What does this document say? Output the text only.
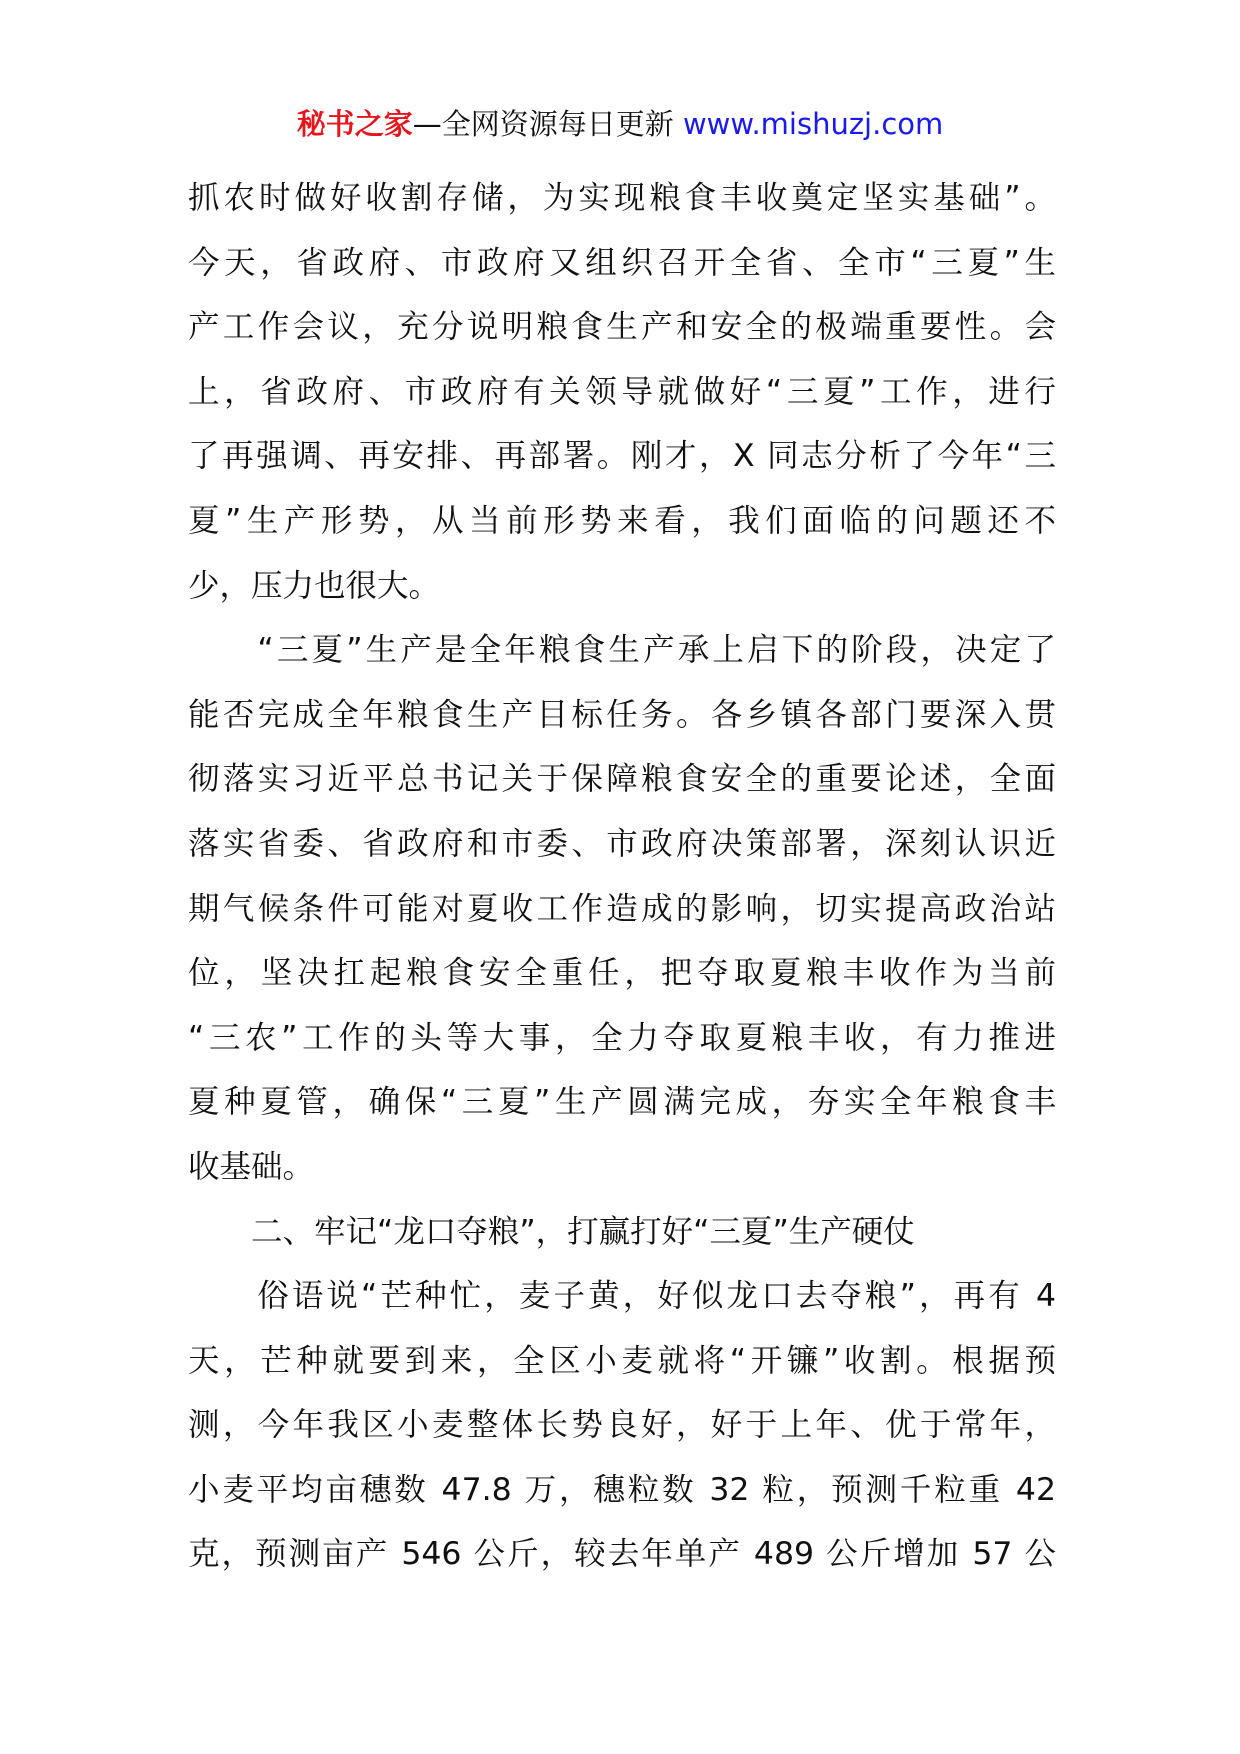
秘书之家—全网资源每日更新 www.mishuzj.com
抓农时做好收割存储，为实现粮食丰收奠定坚实基础”。
今天，省政府、市政府又组织召开全省、全市“三夏”生
产工作会议，充分说明粮食生产和安全的极端重要性。会
上，省政府、市政府有关领导就做好“三夏”工作，进行
了再强调、再安排、再部署。刚才，X 同志分析了今年“三
夏”生产形势，从当前形势来看，我们面临的问题还不
少，压力也很大。
　　“三夏”生产是全年粮食生产承上启下的阶段，决定了
能否完成全年粮食生产目标任务。各乡镇各部门要深入贯
彻落实习近平总书记关于保障粮食安全的重要论述，全面
落实省委、省政府和市委、市政府决策部署，深刻认识近
期气候条件可能对夏收工作造成的影响，切实提高政治站
位，坚决扛起粮食安全重任，把夺取夏粮丰收作为当前
“三农”工作的头等大事，全力夺取夏粮丰收，有力推进
夏种夏管，确保“三夏”生产圆满完成，夯实全年粮食丰
收基础。
　　二、牢记“龙口夺粮”，打赢打好“三夏”生产硬仗
　　俗语说“芒种忙，麦子黄，好似龙口去夺粮”，再有 4
天，芒种就要到来，全区小麦就将“开镰”收割。根据预
测，今年我区小麦整体长势良好，好于上年、优于常年，
小麦平均亩穗数 47.8 万，穗粒数 32 粒，预测千粒重 42
克，预测亩产 546 公斤，较去年单产 489 公斤增加 57 公
